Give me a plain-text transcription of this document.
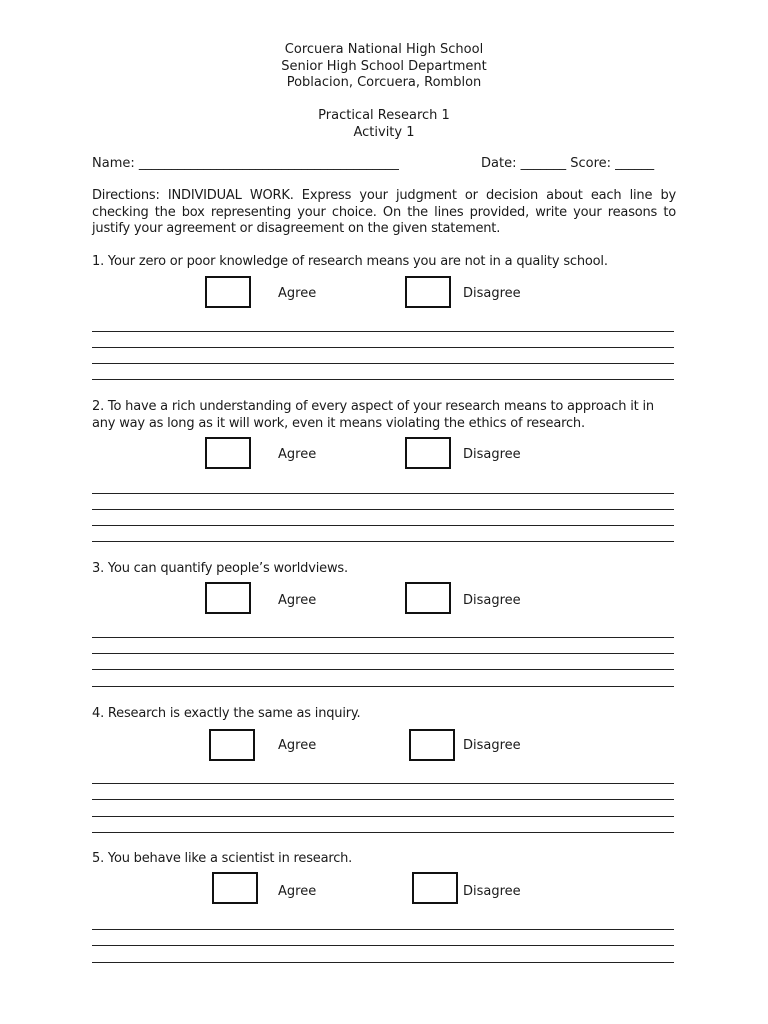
Corcuera National High School
Senior High School Department
Poblacion, Corcuera, Romblon
Practical Research 1
Activity 1
Name: ________________________________________	Date: _______ Score: ______
Directions: INDIVIDUAL WORK. Express your judgment or decision about each line by checking the box representing your choice. On the lines provided, write your reasons to justify your agreement or disagreement on the given statement.
1. Your zero or poor knowledge of research means you are not in a quality school.
Agree	Disagree
2. To have a rich understanding of every aspect of your research means to approach it in any way as long as it will work, even it means violating the ethics of research.
Agree	Disagree
3. You can quantify people’s worldviews.
Agree	Disagree
4. Research is exactly the same as inquiry.
Agree	Disagree
5. You behave like a scientist in research.
Agree	Disagree
